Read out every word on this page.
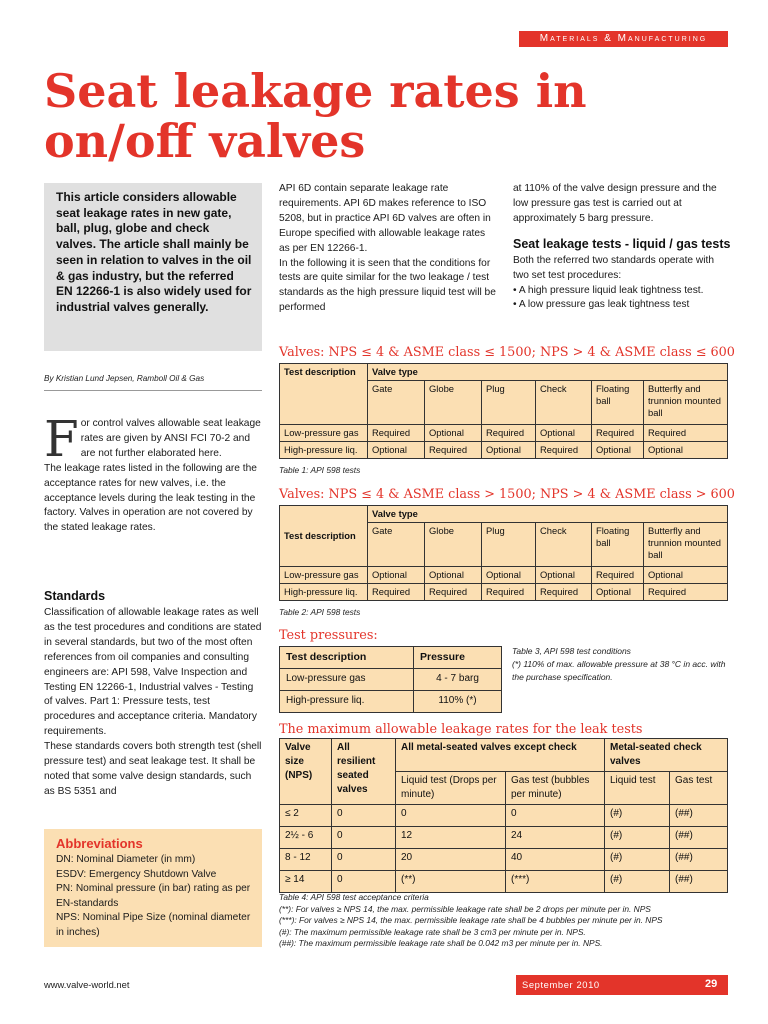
Materials & Manufacturing
Seat leakage rates in on/off valves
This article considers allowable seat leakage rates in new gate, ball, plug, globe and check valves. The article shall mainly be seen in relation to valves in the oil & gas industry, but the referred EN 12266-1 is also widely used for industrial valves generally.
By Kristian Lund Jepsen, Ramboll Oil & Gas
F or control valves allowable seat leakage rates are given by ANSI FCI 70-2 and are not further elaborated here.

The leakage rates listed in the following are the acceptance rates for new valves, i.e. the acceptance levels during the leak testing in the factory. Valves in operation are not covered by the stated leakage rates.

Standards

Classification of allowable leakage rates as well as the test procedures and conditions are stated in several standards, but two of the most often references from oil companies and consulting engineers are: API 598, Valve Inspection and Testing EN 12266-1, Industrial valves - Testing of valves. Part 1: Pressure tests, test procedures and acceptance criteria. Mandatory requirements.

These standards covers both strength test (shell pressure test) and seat leakage test. It shall be noted that some valve design standards, such as BS 5351 and

Abbreviations
DN: Nominal Diameter (in mm)
ESDV: Emergency Shutdown Valve
PN: Nominal pressure (in bar) rating as per EN-standards
NPS: Nominal Pipe Size (nominal diameter in inches)

API 6D contain separate leakage rate requirements. API 6D makes reference to ISO 5208, but in practice API 6D valves are often in Europe specified with allowable leakage rates as per EN 12266-1.

In the following it is seen that the conditions for tests are quite similar for the two leakage / test standards as the high pressure liquid test will be performed

at 110% of the valve design pressure and the low pressure gas test is carried out at approximately 5 barg pressure.

Seat leakage tests - liquid / gas tests

Both the referred two standards operate with two set test procedures:

• A high pressure liquid leak tightness test.

• A low pressure gas leak tightness test

Valves: NPS ≤ 4 & ASME class ≤ 1500; NPS > 4 & ASME class ≤ 600
Test description	Valve type					
	Gate	Globe	Plug	Check	Floating ball	Butterfly and trunnion mounted ball
Low-pressure gas	Required	Optional	Required	Optional	Required	Required
High-pressure liq.	Optional	Required	Optional	Required	Optional	Optional
Table 1: API 598 tests
Valves: NPS ≤ 4 & ASME class > 1500; NPS > 4 & ASME class > 600
Test description	Valve type					
	Gate	Globe	Plug	Check	Floating ball	Butterfly and trunnion mounted ball
Low-pressure gas	Optional	Optional	Optional	Optional	Required	Optional
High-pressure liq.	Required	Required	Required	Required	Optional	Required
Table 2: API 598 tests
Test pressures:
Test description	Pressure
Low-pressure gas	4 - 7 barg
High-pressure liq.	110% (*)
Table 3, API 598 test conditions
(*) 110% of max. allowable pressure at 38 °C in acc. with the purchase specification.
The maximum allowable leakage rates for the leak tests
Valve size (NPS)	All resilient seated valves	All metal-seated valves except check		Metal-seated check valves	
		Liquid test (Drops per minute)	Gas test (bubbles per minute)	Liquid test	Gas test
≤ 2	0	0	0	(#)	(##)
2½ - 6	0	12	24	(#)	(##)
8 - 12	0	20	40	(#)	(##)
≥ 14	0	(**)	(***)	(#)	(##)
Table 4: API 598 test acceptance criteria
(**): For valves ≥ NPS 14, the max. permissible leakage rate shall be 2 drops per minute per in. NPS
(***): For valves ≥ NPS 14, the max. permissible leakage rate shall be 4 bubbles per minute per in. NPS
(#): The maximum permissible leakage rate shall be 3 cm3 per minute per in. NPS.
(##): The maximum permissible leakage rate shall be 0.042 m3 per minute per in. NPS.
www.valve-world.net	September 2010	29
